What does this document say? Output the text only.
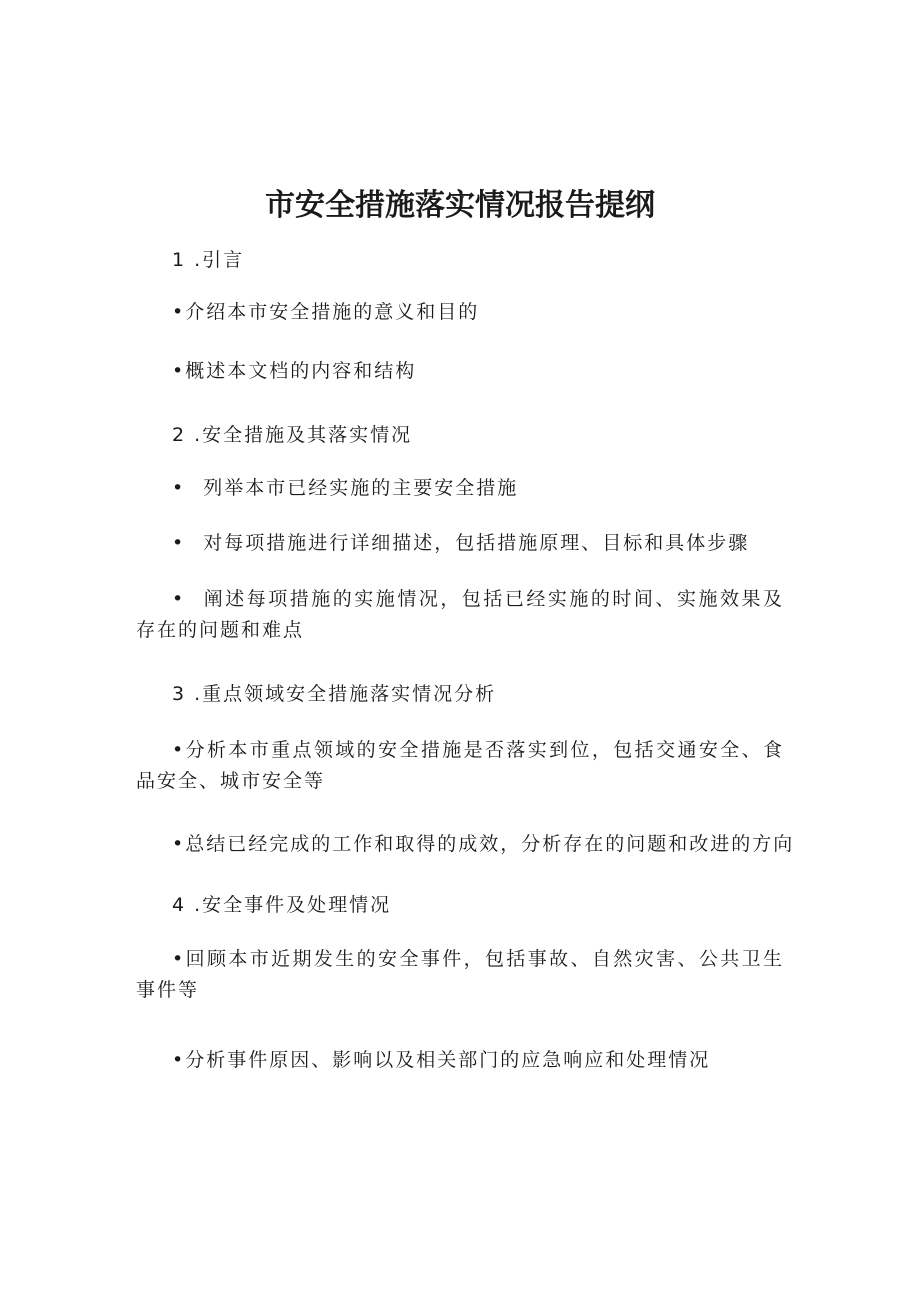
市安全措施落实情况报告提纲

1 .引言

•介绍本市安全措施的意义和目的

•概述本文档的内容和结构

2 .安全措施及其落实情况

• 列举本市已经实施的主要安全措施

• 对每项措施进行详细描述，包括措施原理、目标和具体步骤

• 阐述每项措施的实施情况，包括已经实施的时间、实施效果及存在的问题和难点

3 .重点领域安全措施落实情况分析

•分析本市重点领域的安全措施是否落实到位，包括交通安全、食品安全、城市安全等

•总结已经完成的工作和取得的成效，分析存在的问题和改进的方向

4 .安全事件及处理情况

•回顾本市近期发生的安全事件，包括事故、自然灾害、公共卫生事件等

•分析事件原因、影响以及相关部门的应急响应和处理情况
